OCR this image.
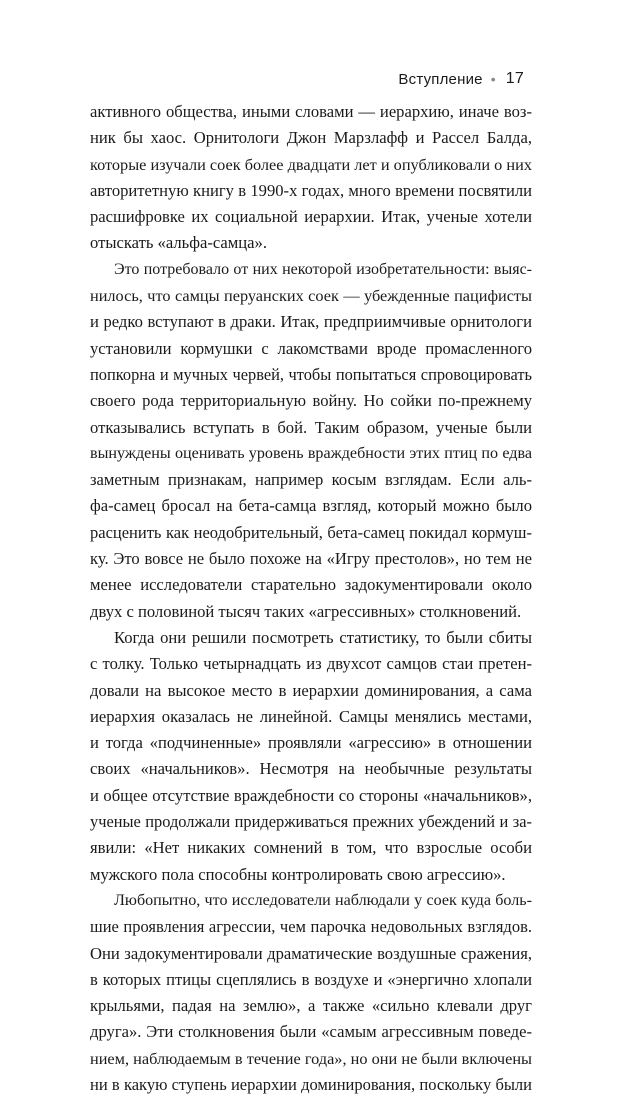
Вступление • 17
активного общества, иными словами — иерархию, иначе воз-
ник бы хаос. Орнитологи Джон Марзлафф и Рассел Балда,
которые изучали соек более двадцати лет и опубликовали о них
авторитетную книгу в 1990-х годах, много времени посвятили
расшифровке их социальной иерархии. Итак, ученые хотели
отыскать «альфа-самца».
Это потребовало от них некоторой изобретательности: выяс-
нилось, что самцы перуанских соек — убежденные пацифисты
и редко вступают в драки. Итак, предприимчивые орнитологи
установили кормушки с лакомствами вроде промасленного
попкорна и мучных червей, чтобы попытаться спровоцировать
своего рода территориальную войну. Но сойки по-прежнему
отказывались вступать в бой. Таким образом, ученые были
вынуждены оценивать уровень враждебности этих птиц по едва
заметным признакам, например косым взглядам. Если аль-
фа-самец бросал на бета-самца взгляд, который можно было
расценить как неодобрительный, бета-самец покидал кормуш-
ку. Это вовсе не было похоже на «Игру престолов», но тем не
менее исследователи старательно задокументировали около
двух с половиной тысяч таких «агрессивных» столкновений.
Когда они решили посмотреть статистику, то были сбиты
с толку. Только четырнадцать из двухсот самцов стаи претен-
довали на высокое место в иерархии доминирования, а сама
иерархия оказалась не линейной. Самцы менялись местами,
и тогда «подчиненные» проявляли «агрессию» в отношении
своих «начальников». Несмотря на необычные результаты
и общее отсутствие враждебности со стороны «начальников»,
ученые продолжали придерживаться прежних убеждений и за-
явили: «Нет никаких сомнений в том, что взрослые особи
мужского пола способны контролировать свою агрессию».
Любопытно, что исследователи наблюдали у соек куда боль-
шие проявления агрессии, чем парочка недовольных взглядов.
Они задокументировали драматические воздушные сражения,
в которых птицы сцеплялись в воздухе и «энергично хлопали
крыльями, падая на землю», а также «сильно клевали друг
друга». Эти столкновения были «самым агрессивным поведе-
нием, наблюдаемым в течение года», но они не были включены
ни в какую ступень иерархии доминирования, поскольку были
